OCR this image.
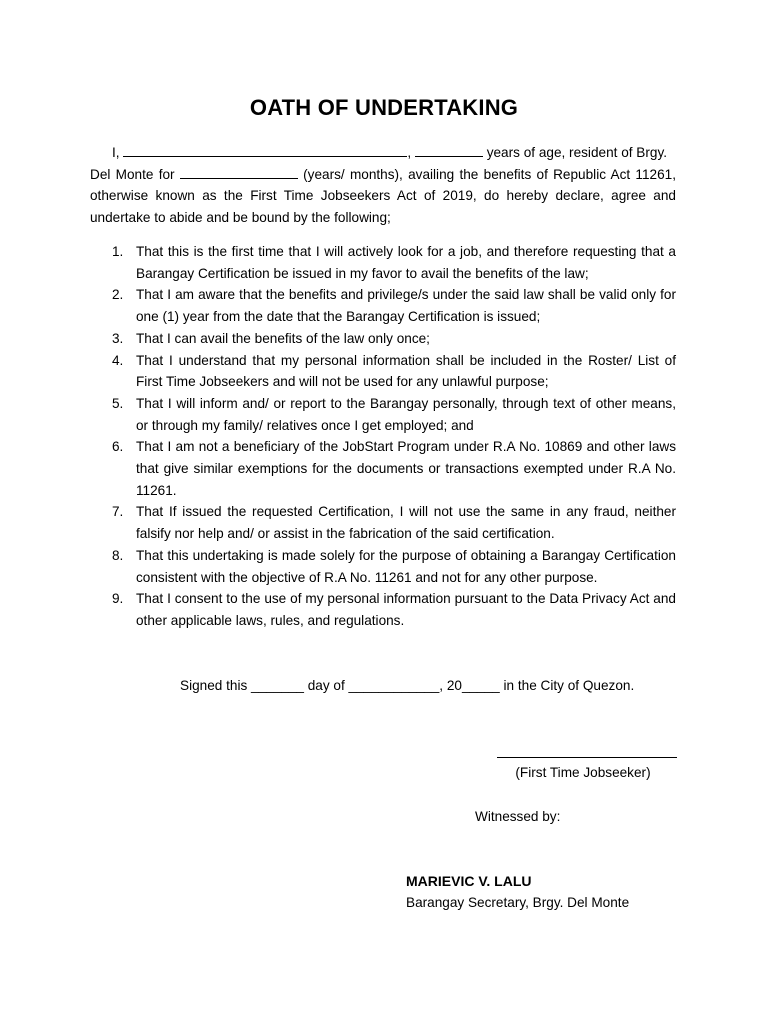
OATH OF UNDERTAKING
I,	,	years of age, resident of Brgy.
Del Monte for	(years/ months), availing the benefits of Republic Act 11261, otherwise known as the First Time Jobseekers Act of 2019, do hereby declare, agree and undertake to abide and be bound by the following;
1. That this is the first time that I will actively look for a job, and therefore requesting that a Barangay Certification be issued in my favor to avail the benefits of the law;
2. That I am aware that the benefits and privilege/s under the said law shall be valid only for one (1) year from the date that the Barangay Certification is issued;
3. That I can avail the benefits of the law only once;
4. That I understand that my personal information shall be included in the Roster/ List of First Time Jobseekers and will not be used for any unlawful purpose;
5. That I will inform and/ or report to the Barangay personally, through text of other means, or through my family/ relatives once I get employed; and
6. That I am not a beneficiary of the JobStart Program under R.A No. 10869 and other laws that give similar exemptions for the documents or transactions exempted under R.A No. 11261.
7. That If issued the requested Certification, I will not use the same in any fraud, neither falsify nor help and/ or assist in the fabrication of the said certification.
8. That this undertaking is made solely for the purpose of obtaining a Barangay Certification consistent with the objective of R.A No. 11261 and not for any other purpose.
9. That I consent to the use of my personal information pursuant to the Data Privacy Act and other applicable laws, rules, and regulations.
Signed this _______ day of ____________, 20_____ in the City of Quezon.
(First Time Jobseeker)
Witnessed by:
MARIEVIC V. LALU
Barangay Secretary, Brgy. Del Monte
